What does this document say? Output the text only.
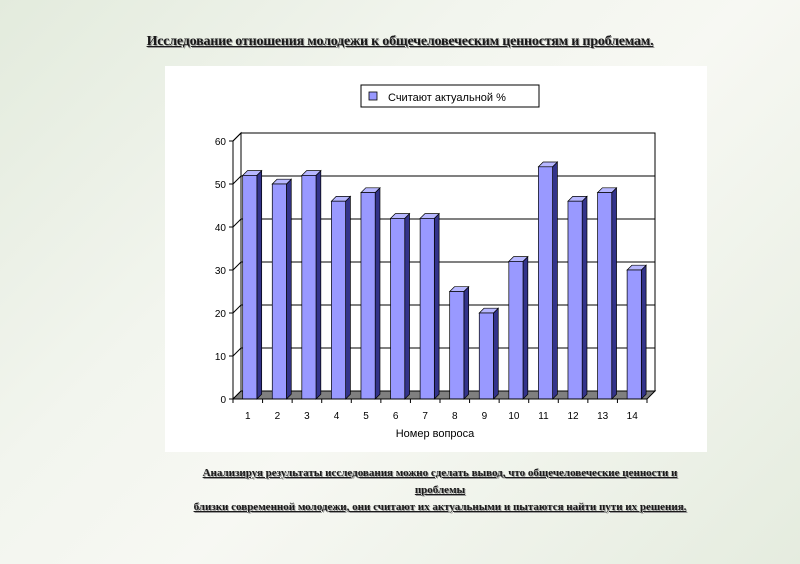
Исследование отношения молодежи к общечеловеческим ценностям и проблемам.
Считают актуальной %
0
10
20
30
40
50
60
1 2 3 4 5 6 7 8 9 10 11 12 13 14
Номер вопроса
Анализируя результаты исследования можно сделать вывод, что общечеловеческие ценности и проблемы
близки современной молодежи, они считают их актуальными и пытаются найти пути их решения.
